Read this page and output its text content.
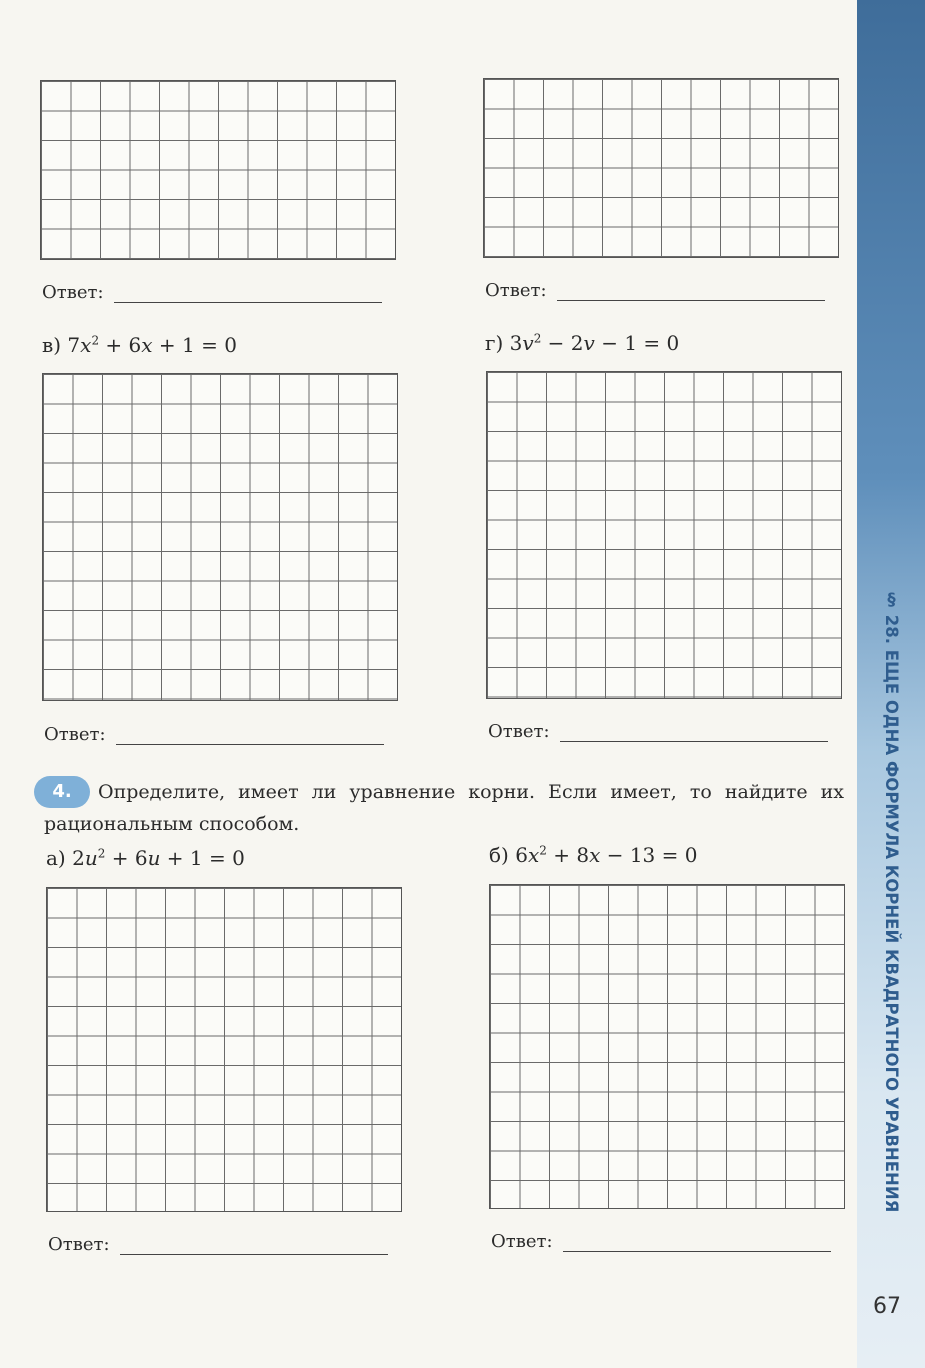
§ 28. ЕЩЕ ОДНА ФОРМУЛА КОРНЕЙ КВАДРАТНОГО УРАВНЕНИЯ
67
Ответ:	Ответ:
в) $7x^2 + 6x + 1 = 0$
Ответ:
г) $3v^2 - 2v - 1 = 0$
Ответ:
Определите, имеет ли уравнение корни. Если имеет, то найдите их рациональным способом.
4.
а) $2u^2 + 6u + 1 = 0$
Ответ:
б) $6x^2 + 8x - 13 = 0$
Ответ:
